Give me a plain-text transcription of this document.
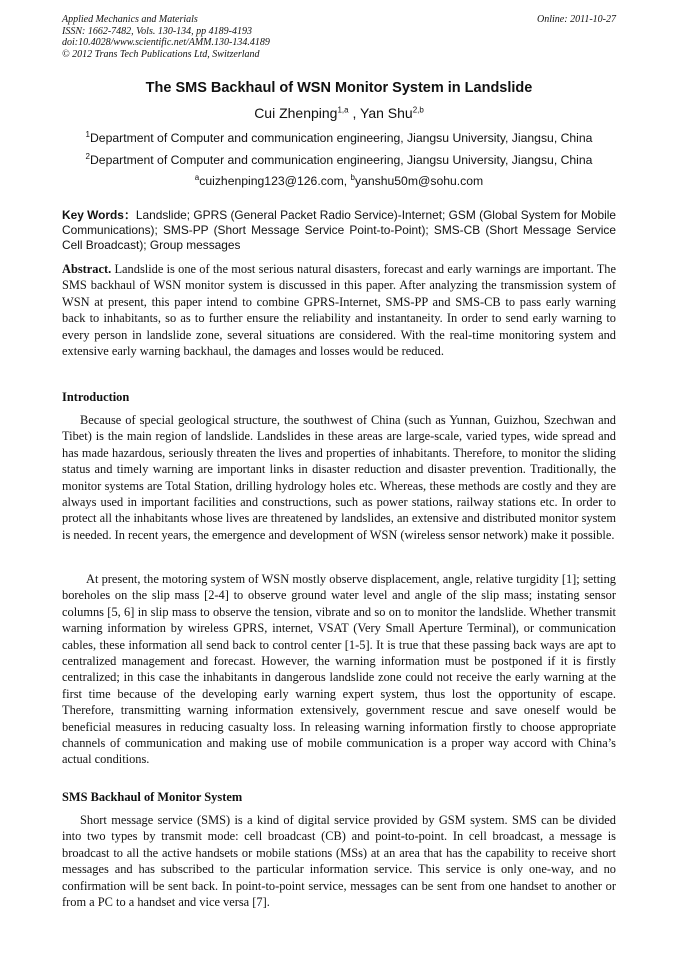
Applied Mechanics and Materials
ISSN: 1662-7482, Vols. 130-134, pp 4189-4193
doi:10.4028/www.scientific.net/AMM.130-134.4189
© 2012 Trans Tech Publications Ltd, Switzerland
Online: 2011-10-27
The SMS Backhaul of WSN Monitor System in Landslide
Cui Zhenping$^{1,a}$ , Yan Shu$^{2,b}$
$^1$Department of Computer and communication engineering, Jiangsu University, Jiangsu, China
$^2$Department of Computer and communication engineering, Jiangsu University, Jiangsu, China
$^a$cuizhenping123@126.com, $^b$yanshu50m@sohu.com
Key Words：Landslide; GPRS (General Packet Radio Service)-Internet; GSM (Global System for Mobile Communications); SMS-PP (Short Message Service Point-to-Point); SMS-CB (Short Message Service Cell Broadcast); Group messages
Abstract. Landslide is one of the most serious natural disasters, forecast and early warnings are important. The SMS backhaul of WSN monitor system is discussed in this paper. After analyzing the transmission system of WSN at present, this paper intend to combine GPRS-Internet, SMS-PP and SMS-CB to pass early warning back to inhabitants, so as to further ensure the reliability and instantaneity. In order to send early warning to every person in landslide zone, several situations are considered. With the real-time monitoring system and extensive early warning backhaul, the damages and losses would be reduced.
Introduction

Because of special geological structure, the southwest of China (such as Yunnan, Guizhou, Szechwan and Tibet) is the main region of landslide. Landslides in these areas are large-scale, varied types, wide spread and has made hazardous, seriously threaten the lives and properties of inhabitants. Therefore, to monitor the sliding status and timely warning are important links in disaster reduction and disaster prevention. Traditionally, the monitor systems are Total Station, drilling hydrology holes etc. Whereas, these methods are costly and they are always used in important facilities and constructions, such as power stations, railway stations etc. In order to protect all the inhabitants whose lives are threatened by landslides, an extensive and distributed monitor system is needed. In recent years, the emergence and development of WSN (wireless sensor network) make it possible.

At present, the motoring system of WSN mostly observe displacement, angle, relative turgidity [1]; setting boreholes on the slip mass [2-4] to observe ground water level and angle of the slip mass; instating sensor columns [5, 6] in slip mass to observe the tension, vibrate and so on to monitor the landslide. Whether transmit warning information by wireless GPRS, internet, VSAT (Very Small Aperture Terminal), or communication cables, these information all send back to control center [1-5]. It is true that these passing back ways are apt to centralized management and forecast. However, the warning information must be postponed if it is firstly centralized; in this case the inhabitants in dangerous landslide zone could not receive the early warning at the first time because of the developing early warning expert system, thus lost the opportunity of escape. Therefore, transmitting warning information extensively, government rescue and save oneself would be beneficial measures in reducing casualty loss. In releasing warning information firstly to choose appropriate channels of communication and making use of mobile communication is a proper way accord with China’s actual conditions.

SMS Backhaul of Monitor System

Short message service (SMS) is a kind of digital service provided by GSM system. SMS can be divided into two types by transmit mode: cell broadcast (CB) and point-to-point. In cell broadcast, a message is broadcast to all the active handsets or mobile stations (MSs) at an area that has the capability to receive short messages and has subscribed to the particular information service. This service is only one-way, and no confirmation will be sent back. In point-to-point service, messages can be sent from one handset to another or from a PC to a handset and vice versa [7].
